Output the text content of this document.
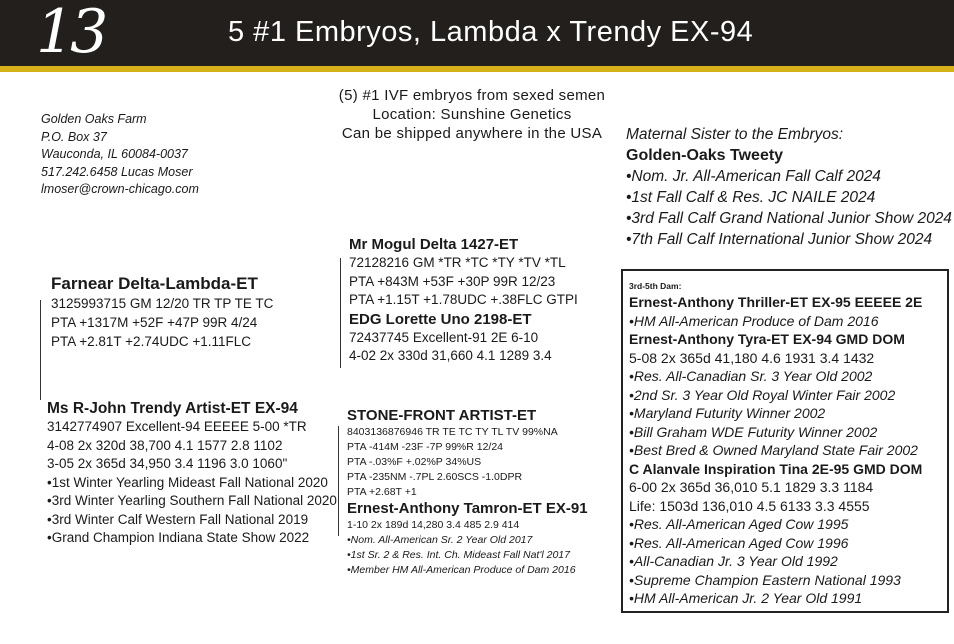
13	5 #1 Embryos, Lambda x Trendy EX-94
Golden Oaks Farm
P.O. Box 37
Wauconda, IL 60084-0037
517.242.6458 Lucas Moser
lmoser@crown-chicago.com
(5) #1 IVF embryos from sexed semen
Location: Sunshine Genetics
Can be shipped anywhere in the USA	Maternal Sister to the Embryos:
Golden-Oaks Tweety
•Nom. Jr. All-American Fall Calf 2024
•1st Fall Calf & Res. JC NAILE 2024
•3rd Fall Calf Grand National Junior Show 2024
•7th Fall Calf International Junior Show 2024
Farnear Delta-Lambda-ET
3125993715 GM 12/20 TR TP TE TC
PTA +1317M +52F +47P 99R 4/24
PTA +2.81T +2.74UDC +1.11FLC
Mr Mogul Delta 1427-ET
72128216 GM *TR *TC *TY *TV *TL
PTA +843M +53F +30P 99R 12/23
PTA +1.15T +1.78UDC +.38FLC GTPI
EDG Lorette Uno 2198-ET
72437745 Excellent-91 2E 6-10
4-02 2x 330d 31,660 4.1 1289 3.4
Ms R-John Trendy Artist-ET EX-94
3142774907 Excellent-94 EEEEE 5-00 *TR
4-08 2x 320d 38,700 4.1 1577 2.8 1102
3-05 2x 365d 34,950 3.4 1196 3.0 1060"
•1st Winter Yearling Mideast Fall National 2020
•3rd Winter Yearling Southern Fall National 2020
•3rd Winter Calf Western Fall National 2019
•Grand Champion Indiana State Show 2022
STONE-FRONT ARTIST-ET
8403136876946 TR TE TC TY TL TV 99%NA
PTA -414M -23F -7P 99%R 12/24
PTA -.03%F +.02%P 34%US
PTA -235NM -.7PL 2.60SCS -1.0DPR
PTA +2.68T +1
Ernest-Anthony Tamron-ET EX-91
1-10 2x 189d 14,280 3.4 485 2.9 414
•Nom. All-American Sr. 2 Year Old 2017
•1st Sr. 2 & Res. Int. Ch. Mideast Fall Nat'l 2017
•Member HM All-American Produce of Dam 2016
3rd-5th Dam:
Ernest-Anthony Thriller-ET EX-95 EEEEE 2E
•HM All-American Produce of Dam 2016
Ernest-Anthony Tyra-ET EX-94 GMD DOM
5-08 2x 365d 41,180 4.6 1931 3.4 1432
•Res. All-Canadian Sr. 3 Year Old 2002
•2nd Sr. 3 Year Old Royal Winter Fair 2002
•Maryland Futurity Winner 2002
•Bill Graham WDE Futurity Winner 2002
•Best Bred & Owned Maryland State Fair 2002
C Alanvale Inspiration Tina 2E-95 GMD DOM
6-00 2x 365d 36,010 5.1 1829 3.3 1184
Life: 1503d 136,010 4.5 6133 3.3 4555
•Res. All-American Aged Cow 1995
•Res. All-American Aged Cow 1996
•All-Canadian Jr. 3 Year Old 1992
•Supreme Champion Eastern National 1993
•HM All-American Jr. 2 Year Old 1991
